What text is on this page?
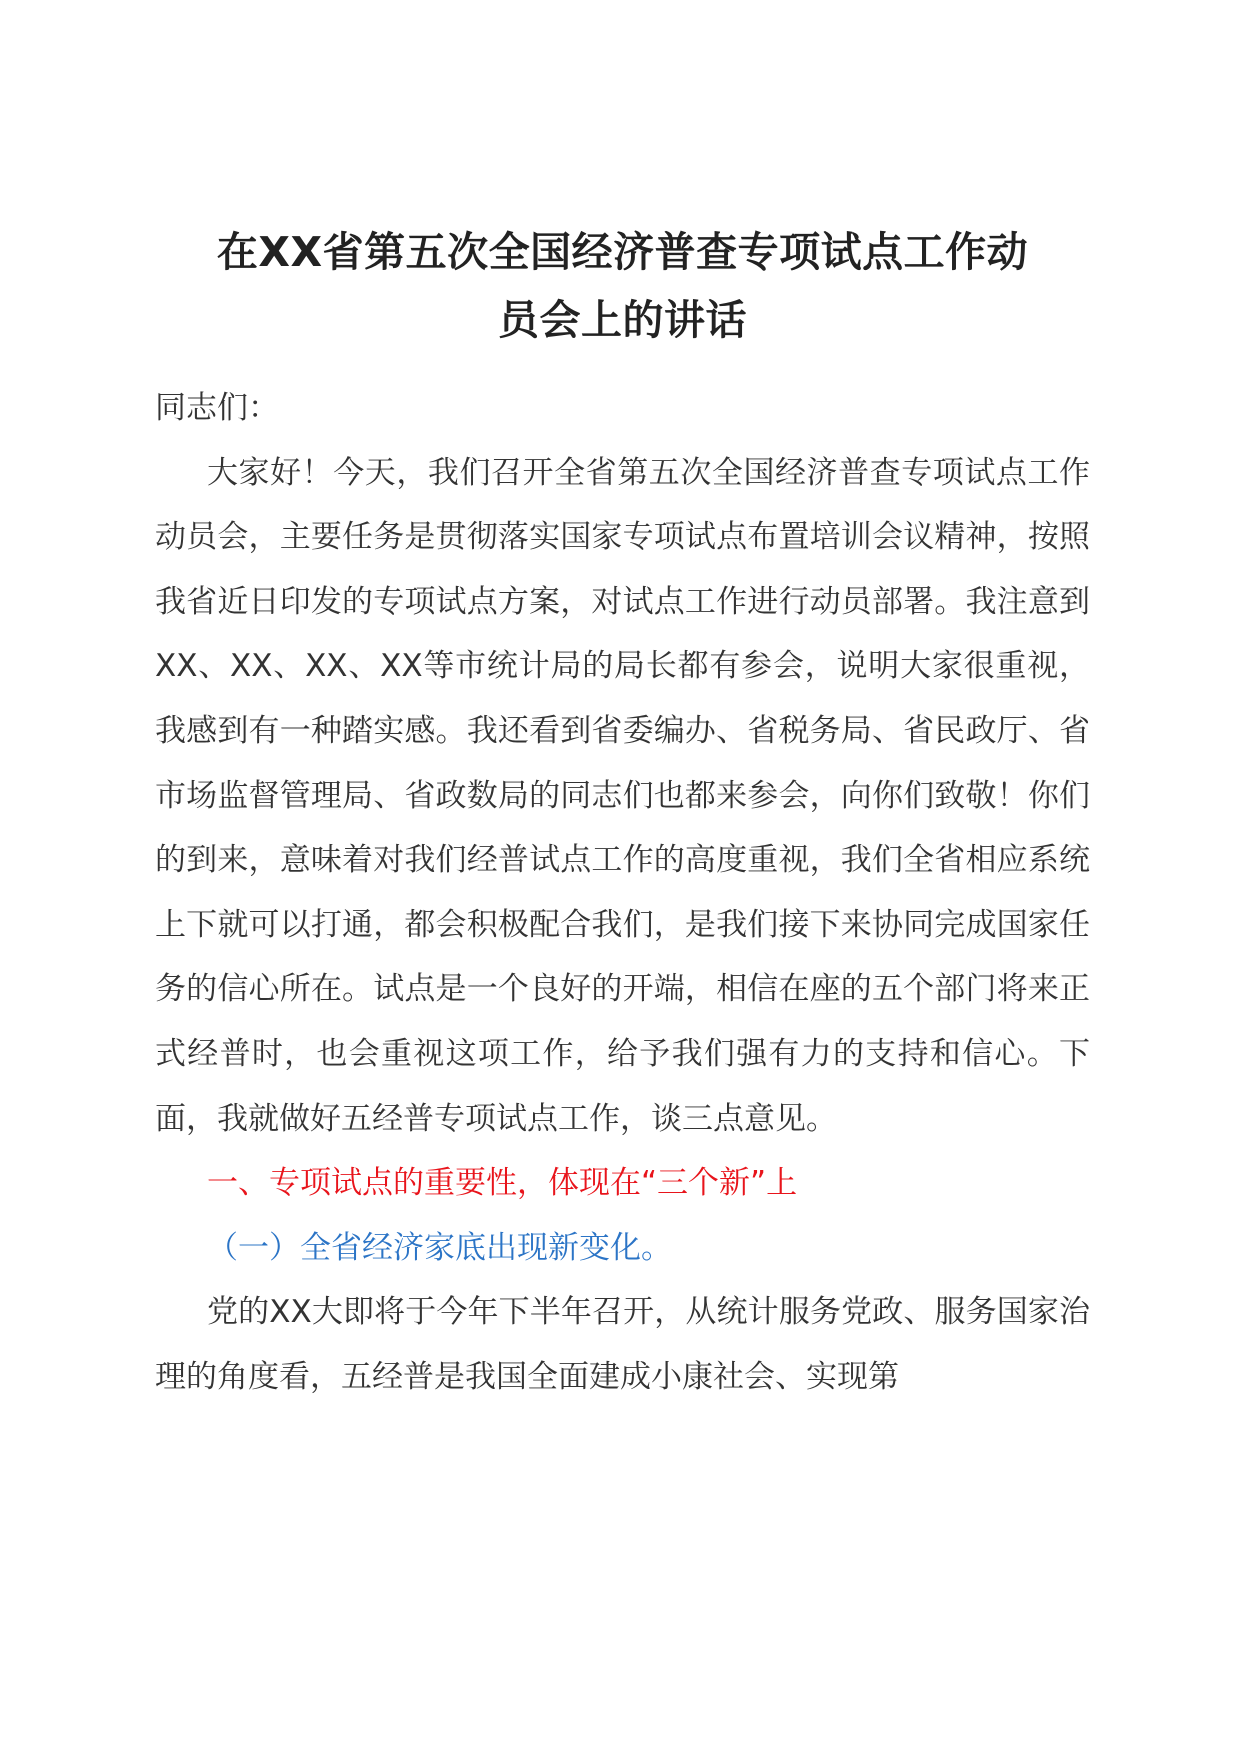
在XX省第五次全国经济普查专项试点工作动
员会上的讲话

同志们：

大家好！今天，我们召开全省第五次全国经济普查专项试点工作动员会，主要任务是贯彻落实国家专项试点布置培训会议精神，按照我省近日印发的专项试点方案，对试点工作进行动员部署。我注意到XX、XX、XX、XX等市统计局的局长都有参会，说明大家很重视，我感到有一种踏实感。我还看到省委编办、省税务局、省民政厅、省市场监督管理局、省政数局的同志们也都来参会，向你们致敬！你们的到来，意味着对我们经普试点工作的高度重视，我们全省相应系统上下就可以打通，都会积极配合我们，是我们接下来协同完成国家任务的信心所在。试点是一个良好的开端，相信在座的五个部门将来正式经普时，也会重视这项工作，给予我们强有力的支持和信心。下面，我就做好五经普专项试点工作，谈三点意见。

一、专项试点的重要性，体现在“三个新”上

（一）全省经济家底出现新变化。

党的XX大即将于今年下半年召开，从统计服务党政、服务国家治理的角度看，五经普是我国全面建成小康社会、实现第
